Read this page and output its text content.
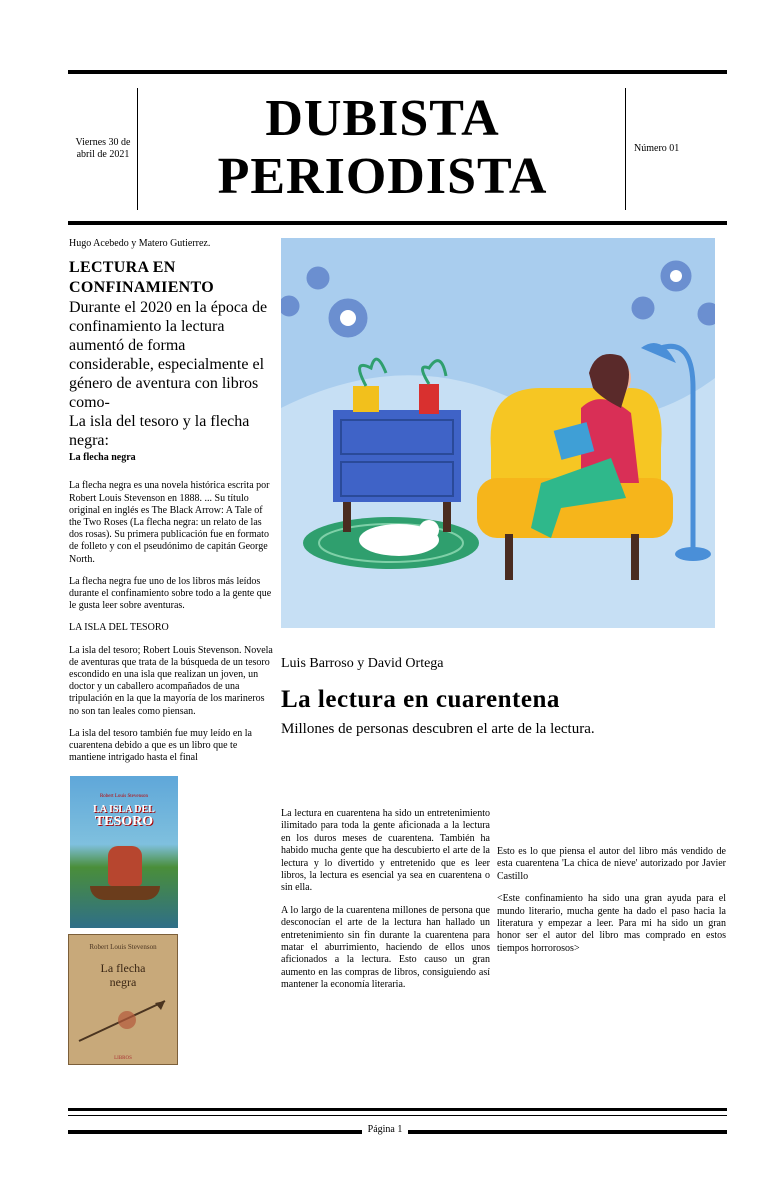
DUBISTA
PERIODISTA
Viernes 30 de abril de 2021
Número 01
Hugo Acebedo y Matero Gutierrez.
LECTURA EN CONFINAMIENTO
Durante el 2020 en la época de confinamiento la lectura aumentó de forma considerable, especialmente el género de aventura con libros como-
La isla del tesoro y la flecha negra:
La flecha negra

La flecha negra es una novela histórica escrita por Robert Louis Stevenson en 1888. ... Su título original en inglés es The Black Arrow: A Tale of the Two Roses (La flecha negra: un relato de las dos rosas). Su primera publicación fue en formato de folleto y con el pseudónimo de capitán George North.

La flecha negra fue uno de los libros más leídos durante el confinamiento sobre todo a la gente que le gusta leer sobre aventuras.

LA ISLA DEL TESORO

La isla del tesoro; Robert Louis Stevenson. Novela de aventuras que trata de la búsqueda de un tesoro escondido en una isla que realizan un joven, un doctor y un caballero acompañados de una tripulación en la que la mayoría de los marineros no son tan leales como piensan.

La isla del tesoro también fue muy leído en la cuarentena debido a que es un libro que te mantiene intrigado hasta el final

Robert Louis Stevenson
LA ISLA DEL
TESORO
Robert Louis Stevenson
La flecha
negra
LIBROS
Luis Barroso y David Ortega
La lectura en cuarentena
Millones de personas descubren el arte de la lectura.

La lectura en cuarentena ha sido un entretenimiento ilimitado para toda la gente aficionada a la lectura en los duros meses de cuarentena. También ha habido mucha gente que ha descubierto el arte de la lectura y lo divertido y entretenido que es leer libros, la lectura es esencial ya sea en cuarentena o sin ella.

A lo largo de la cuarentena millones de persona que desconocían el arte de la lectura han hallado un entretenimiento sin fin durante la cuarentena para matar el aburrimiento, haciendo de ellos unos aficionados a la lectura. Esto causo un gran aumento en las compras de libros, consiguiendo así mantener la economía literaria.

Esto es lo que piensa el autor del libro más vendido de esta cuarentena 'La chica de nieve' autorizado por Javier Castillo

<Este confinamiento ha sido una gran ayuda para el mundo literario, mucha gente ha dado el paso hacia la literatura y empezar a leer. Para mi ha sido un gran honor ser el autor del libro mas comprado en estos tiempos horrorosos>

Página 1
